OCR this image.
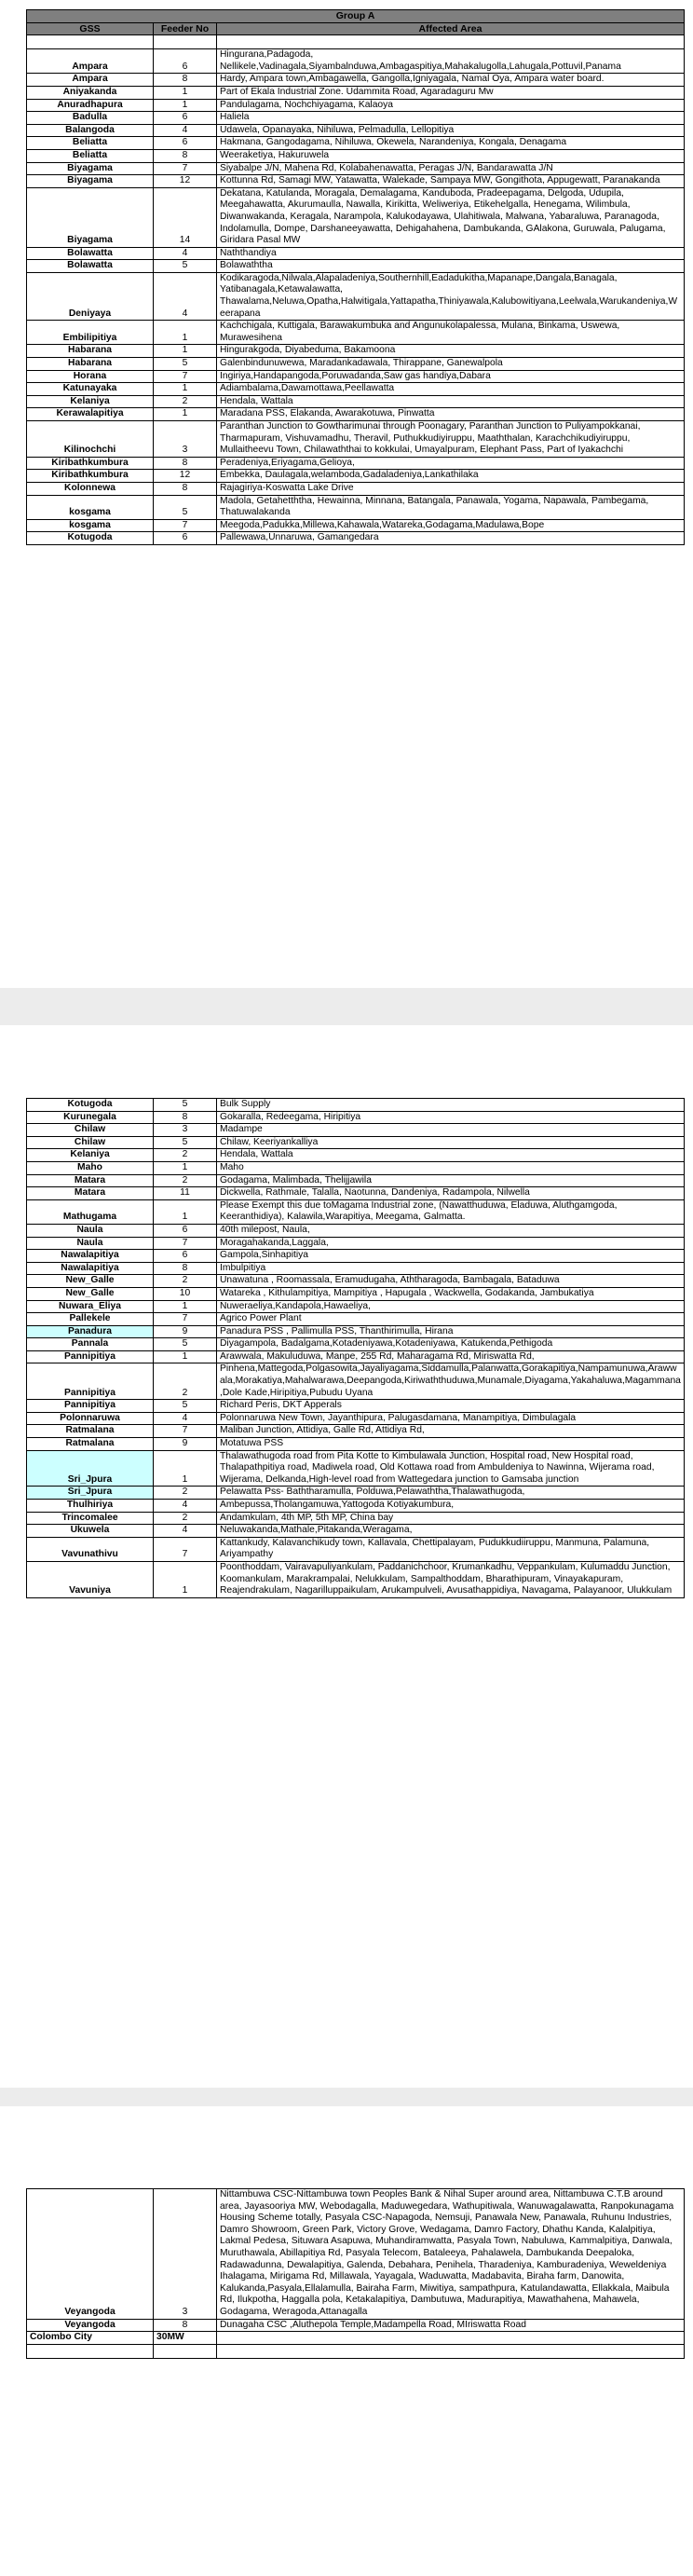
Group A		
GSS	Feeder No	Affected Area

Ampara	6	Hingurana,Padagoda, Nellikele,Vadinagala,Siyambalnduwa,Ambagaspitiya,Mahakalugolla,Lahugala,Pottuvil,Panama
Ampara	8	Hardy, Ampara town,Ambagawella, Gangolla,Igniyagala, Namal Oya, Ampara water board.
Aniyakanda	1	Part of Ekala Industrial Zone. Udammita Road, Agaradaguru Mw
Anuradhapura	1	Pandulagama, Nochchiyagama, Kalaoya
Badulla	6	Haliela
Balangoda	4	Udawela, Opanayaka, Nihiluwa, Pelmadulla, Lellopitiya
Beliatta	6	Hakmana, Gangodagama, Nihiluwa, Okewela, Narandeniya, Kongala, Denagama
Beliatta	8	Weeraketiya, Hakuruwela
Biyagama	7	Siyabalpe J/N, Mahena Rd, Kolabahenawatta, Peragas J/N, Bandarawatta J/N
Biyagama	12	Kottunna Rd, Samagi MW, Yatawatta, Walekade, Sampaya MW, Gongithota, Appugewatt, Paranakanda
Biyagama	14	Dekatana, Katulanda, Moragala, Demalagama, Kandubodа, Pradeepagama, Delgoda, Udupila, Meegahawatta, Akurumaulla, Nawalla, Kirikitta, Weliweriya, Etikehelgalla, Henegama, Wilimbula, Diwanwakanda, Keragala, Narampola, Kalukodayawa, Ulahitiwala, Malwana, Yabaraluwa, Paranagoda, Indolamulla, Dompe, Darshaneeyawatta, Dehigahahena, Dambukanda, GAlakona, Guruwala, Palugama, Giridara Pasal MW
Bolawatta	4	Naththandiya
Bolawatta	5	Bolawaththa
Deniyaya	4	Kodikaragoda,Nilwala,Alapaladeniya,Southernhill,Eadadukitha,Mapanape,Dangala,Banagala, Yatibanagala,Ketawalawatta, Thawalama,Neluwa,Opatha,Halwitigala,Yattapatha,Thiniyawala,Kalubowitiyana,Leelwala,Warukandeniya,Weerapana
Embilipitiya	1	Kachchigala, Kuttigala, Barawakumbuka and Angunukolapalessa, Mulana, Binkama, Uswewa, Murawesihena
Habarana	1	Hingurakgoda, Diyabeduma, Bakamoona
Habarana	5	Galenbindunuwewa, Maradankadawala, Thirappane, Ganewalpola
Horana	7	Ingiriya,Handapangoda,Poruwadanda,Saw gas handiya,Dabara
Katunayaka	1	Adiambalama,Dawamottawa,Peellawatta
Kelaniya	2	Hendala, Wattala
Kerawalapitiya	1	Maradana PSS, Elakanda, Awarakotuwa, Pinwatta
Kilinochchi	3	Paranthan Junction to Gowtharimunai through Poonagary, Paranthan Junction to Puliyampokkanai, Tharmapuram, Vishuvamadhu, Theravil, Puthukkudiyiruppu, Maaththalan, Karachchikudiyiruppu, Mullaitheevu Town, Chilawaththai to kokkulai, Umayalpuram, Elephant Pass, Part of Iyakachchi
Kiribathkumbura	8	Peradeniya,Eriyagama,Gelioya,
Kiribathkumbura	12	Embekka, Daulagala,welamboda,Gadaladeniya,Lankathilaka
Kolonnewa	8	Rajagiriya-Koswatta Lake Drive
kosgama	5	Madola, Getahetththa, Hewainna, Minnana, Batangala, Panawala, Yogama, Napawala, Pambegama, Thatuwalakanda
kosgama	7	Meegoda,Padukka,Millewa,Kahawala,Watareka,Godagama,Madulawa,Bope
Kotugoda	6	Pallewawa,Unnaruwa, Gamangedara
Kotugoda	5	Bulk Supply
Kurunegala	8	Gokaralla, Redeegama, Hiripitiya
Chilaw	3	Madampe
Chilaw	5	Chilaw, Keeriyankalliya
Kelaniya	2	Hendala, Wattala
Maho	1	Maho
Matara	2	Godagama, Malimbada, Thelijjawila
Matara	11	Dickwella, Rathmale, Talalla, Naotunna, Dandeniya, Radampola, Nilwella
Mathugama	1	Please Exempt this due toMagama Industrial zone, (Nawatthuduwa, Eladuwa, Aluthgamgoda, Keeranthidiya), Kalawila,Warapitiya, Meegama, Galmatta.
Naula	6	40th milepost, Naula,
Naula	7	Moragahakanda,Laggala,
Nawalapitiya	6	Gampola,Sinhapitiya
Nawalapitiya	8	Imbulpitiya
New_Galle	2	Unawatuna , Roomassala, Eramudugaha, Aththaragoda, Bambagala, Bataduwa
New_Galle	10	Watareka , Kithulampitiya, Mampitiya , Hapugala , Wackwella, Godakanda, Jambukatiya
Nuwara_Eliya	1	Nuweraeliya,Kandapola,Hawaeliya,
Pallekele	7	Agrico Power Plant
Panadura	9	Panadura PSS , Pallimulla PSS, Thanthirimulla, Hirana
Pannala	5	Diyagampola, Badalgama,Kotadeniyawa,Kotadeniyawa, Katukenda,Pethigoda
Pannipitiya	1	Arawwala, Makuluduwa, Manpe, 255 Rd, Maharagama Rd, Miriswatta Rd,
Pannipitiya	2	Pinhena,Mattegoda,Polgasowita,Jayaliyagama,Siddamulla,Palanwatta,Gorakapitiya,Nampamunuwa,Arawwala,Morakatiya,Mahalwarawa,Deepangoda,Kiriwaththuduwa,Munamale,Diyagama,Yakahaluwa,Magammana,Dole Kade,Hiripitiya,Pubudu Uyana
Pannipitiya	5	Richard Peris, DKT Apperals
Polonnaruwa	4	Polonnaruwa New Town, Jayanthipura, Palugasdamana, Manampitiya, Dimbulagala
Ratmalana	7	Maliban Junction, Attidiya, Galle Rd, Attidiya Rd,
Ratmalana	9	Motatuwa PSS
Sri_Jpura	1	Thalawathugoda road from Pita Kotte to Kimbulawala Junction, Hospital road, New Hospital road, Thalapathpitiya road, Madiwela road, Old Kottawa road from Ambuldeniya to Nawinna, Wijerama road, Wijerama, Delkanda,High-level road from Wattegedara junction to Gamsaba junction
Sri_Jpura	2	Pelawatta Pss- Baththaramulla, Polduwa,Pelawaththa,Thalawathugoda,
Thulhiriya	4	Ambepussa,Tholangamuwa,Yattogoda Kotiyakumbura,
Trincomalee	2	Andamkulam, 4th MP, 5th MP, China bay
Ukuwela	4	Neluwakanda,Mathale,Pitakanda,Weragama,
Vavunathivu	7	Kattankudy, Kalavanchikudy town, Kallavala, Chettipalayam, Pudukkudiiruppu, Manmuna, Palamuna, Ariyampathy
Vavuniya	1	Poonthoddam, Vairavapuliyankulam, Paddanichchoor, Krumankadhu, Veppankulam, Kulumaddu Junction, Koomankulam, Marakrampalai, Nelukkulam, Sampalthoddam, Bharathipuram, Vinayakapuram, Reajendrakulam, Nagarilluppaikulam, Arukampulveli, Avusathappidiya, Navagama, Palayanoor, Ulukkulam
Veyangoda	3	Nittambuwa CSC-Nittambuwa town Peoples Bank & Nihal Super around area, Nittambuwa C.T.B around area, Jayasooriya MW, Webodagalla, Maduwegedara, Wathupitiwala, Wanuwagalawatta, Ranpokunagama Housing Scheme totally, Pasyala CSC-Napagoda, Nemsuji, Panawala New, Panawala, Ruhunu Industries, Damro Showroom, Green Park, Victory Grove, Wedagama, Damro Factory, Dhathu Kanda, Kalalpitiya, Lakmal Pedesa, Situwara Asapuwa, Muhandiramwatta, Pasyala Town, Nabuluwa, Kammalpitiya, Danwala, Muruthawala, Abillapitiya Rd, Pasyala Telecom, Batalееya, Pahalawela, Dambukanda Deepaloka, Radawadunna, Dewalapitiya, Galenda, Debahara, Penihela, Tharadeniya, Kamburadeniya, Weweldeniya Ihalagama, Mirigama Rd, Millawala, Yayagala, Waduwatta, Madabavita, Biraha farm, Danowita, Kalukanda,Pasyala,Ellalamulla, Bairaha Farm, Miwitiya, sampathpura, Katulandawatta, Ellakkala, Maibula Rd, Ilukpotha, Haggalla pola, Ketakalapitiya, Dambutuwa, Madurapitiya, Mawathahena, Mahawela, Godagama, Weragoda,Attanagalla
Veyangoda	8	Dunagaha CSC ,Aluthepola Temple,Madampella Road, MIriswatta Road
Colombo City	30MW	
